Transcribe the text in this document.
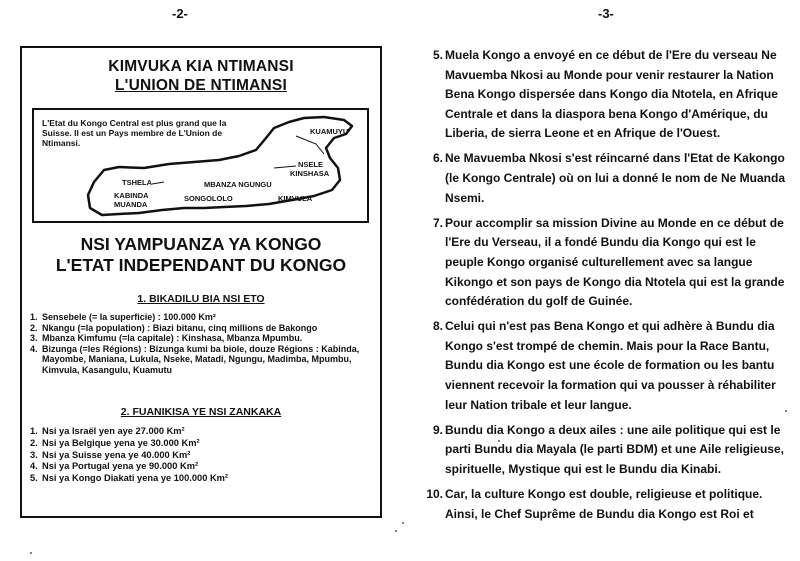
-2-	-3-
KIMVUKA KIA NTIMANSI
L'UNION DE NTIMANSI
L'Etat du Kongo Central est plus grand que la Suisse. Il est un Pays membre de L'Union de Ntimansi.
KUAMUYU
NSELE
KINSHASA
TSHELA	MBANZA NGUNGU
KABINDA
MUANDA
SONGOLOLO	KIMVULA
NSI YAMPUANZA YA KONGO
L'ETAT INDEPENDANT DU KONGO
1. BIKADILU BIA NSI ETO
1. Sensebele (= la superficie) : 100.000 Km²
2. Nkangu (=la population) : Biazi bitanu, cinq millions de Bakongo
3. Mbanza Kimfumu (=la capitale) : Kinshasa, Mbanza Mpumbu.
4. Bizunga (=les Régions) : Bizunga kumi ba biole, douze Régions : Kabinda, Mayombe, Maniana, Lukula, Nseke, Matadi, Ngungu, Madimba, Mpumbu, Kimvula, Kasangulu, Kuamutu
2. FUANIKISA YE NSI ZANKAKA
1. Nsi ya Israël yen aye 27.000 Km²
2. Nsi ya Belgique yena ye 30.000 Km²
3. Nsi ya Suisse yena ye 40.000 Km²
4. Nsi ya Portugal yena ye 90.000 Km²
5. Nsi ya Kongo Diakati yena ye 100.000 Km²
5. Muela Kongo a envoyé en ce début de l'Ere du verseau Ne Mavuemba Nkosi au Monde pour venir restaurer la Nation Bena Kongo dispersée dans Kongo dia Ntotela, en Afrique Centrale et dans la diaspora bena Kongo d'Amérique, du Liberia, de sierra Leone et en Afrique de l'Ouest.
6. Ne Mavuemba Nkosi s'est réincarné dans l'Etat de Kakongo (le Kongo Centrale) où on lui a donné le nom de Ne Muanda Nsemi.
7. Pour accomplir sa mission Divine au Monde en ce début de l'Ere du Verseau, il a fondé Bundu dia Kongo qui est le peuple Kongo organisé culturellement avec sa langue Kikongo et son pays de Kongo dia Ntotela qui est la grande confédération du golf de Guinée.
8. Celui qui n'est pas Bena Kongo et qui adhère à Bundu dia Kongo s'est trompé de chemin. Mais pour la Race Bantu, Bundu dia Kongo est une école de formation ou les bantu viennent recevoir la formation qui va pousser à réhabiliter leur Nation tribale et leur langue.
9. Bundu dia Kongo a deux ailes : une aile politique qui est le parti Bundu dia Mayala (le parti BDM) et une Aile religieuse, spirituelle, Mystique qui est le Bundu dia Kinabi.
10. Car, la culture Kongo est double, religieuse et politique. Ainsi, le Chef Suprême de Bundu dia Kongo est Roi et
